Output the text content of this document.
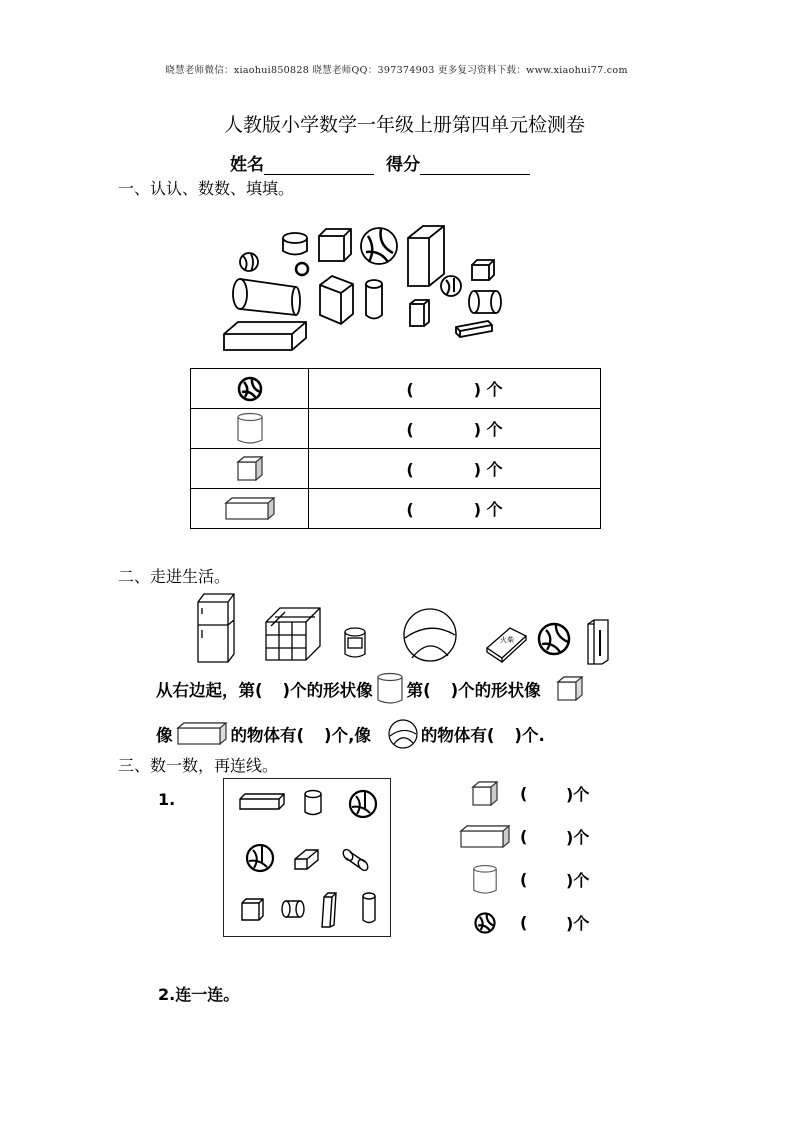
晓慧老师微信：xiaohui850828 晓慧老师QQ：397374903 更多复习资料下载：www.xiaohui77.com
人教版小学数学一年级上册第四单元检测卷
姓名	得分
一、认认、数数、填填。
	( ) 个

	( ) 个

	( ) 个

	( ) 个
二、走进生活。
火柴
从右边起，第( )个的形状像 第( )个的形状像
像	的物体有( )个,像	的物体有( )个.
三、数一数，再连线。
1.	(	)个
(	)个
(	)个
(	)个
2.连一连。
